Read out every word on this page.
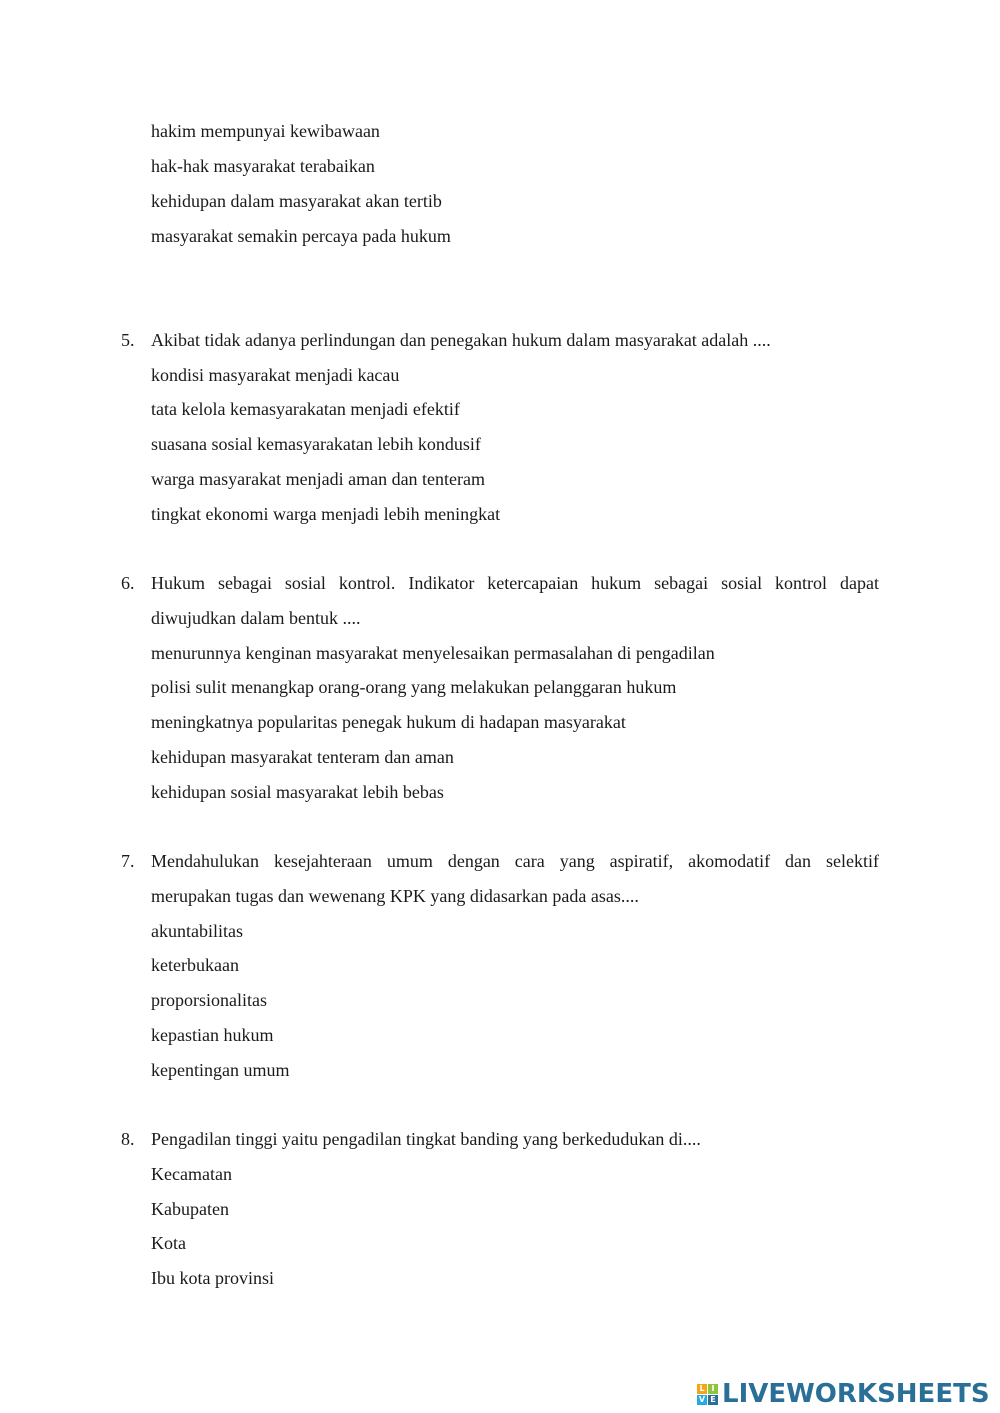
hakim mempunyai kewibawaan
hak-hak masyarakat terabaikan
kehidupan dalam masyarakat akan tertib
masyarakat semakin percaya pada hukum
5. Akibat tidak adanya perlindungan dan penegakan hukum dalam masyarakat adalah ....
kondisi masyarakat menjadi kacau
tata kelola kemasyarakatan menjadi efektif
suasana sosial kemasyarakatan lebih kondusif
warga masyarakat menjadi aman dan tenteram
tingkat ekonomi warga menjadi lebih meningkat
6. Hukum sebagai sosial kontrol. Indikator ketercapaian hukum sebagai sosial kontrol dapat
diwujudkan dalam bentuk ....
menurunnya kenginan masyarakat menyelesaikan permasalahan di pengadilan
polisi sulit menangkap orang-orang yang melakukan pelanggaran hukum
meningkatnya popularitas penegak hukum di hadapan masyarakat
kehidupan masyarakat tenteram dan aman
kehidupan sosial masyarakat lebih bebas
7. Mendahulukan kesejahteraan umum dengan cara yang aspiratif, akomodatif dan selektif
merupakan tugas dan wewenang KPK yang didasarkan pada asas....
akuntabilitas
keterbukaan
proporsionalitas
kepastian hukum
kepentingan umum
8. Pengadilan tinggi yaitu pengadilan tingkat banding yang berkedudukan di....
Kecamatan
Kabupaten
Kota
Ibu kota provinsi
L I
V E LIVEWORKSHEETS
